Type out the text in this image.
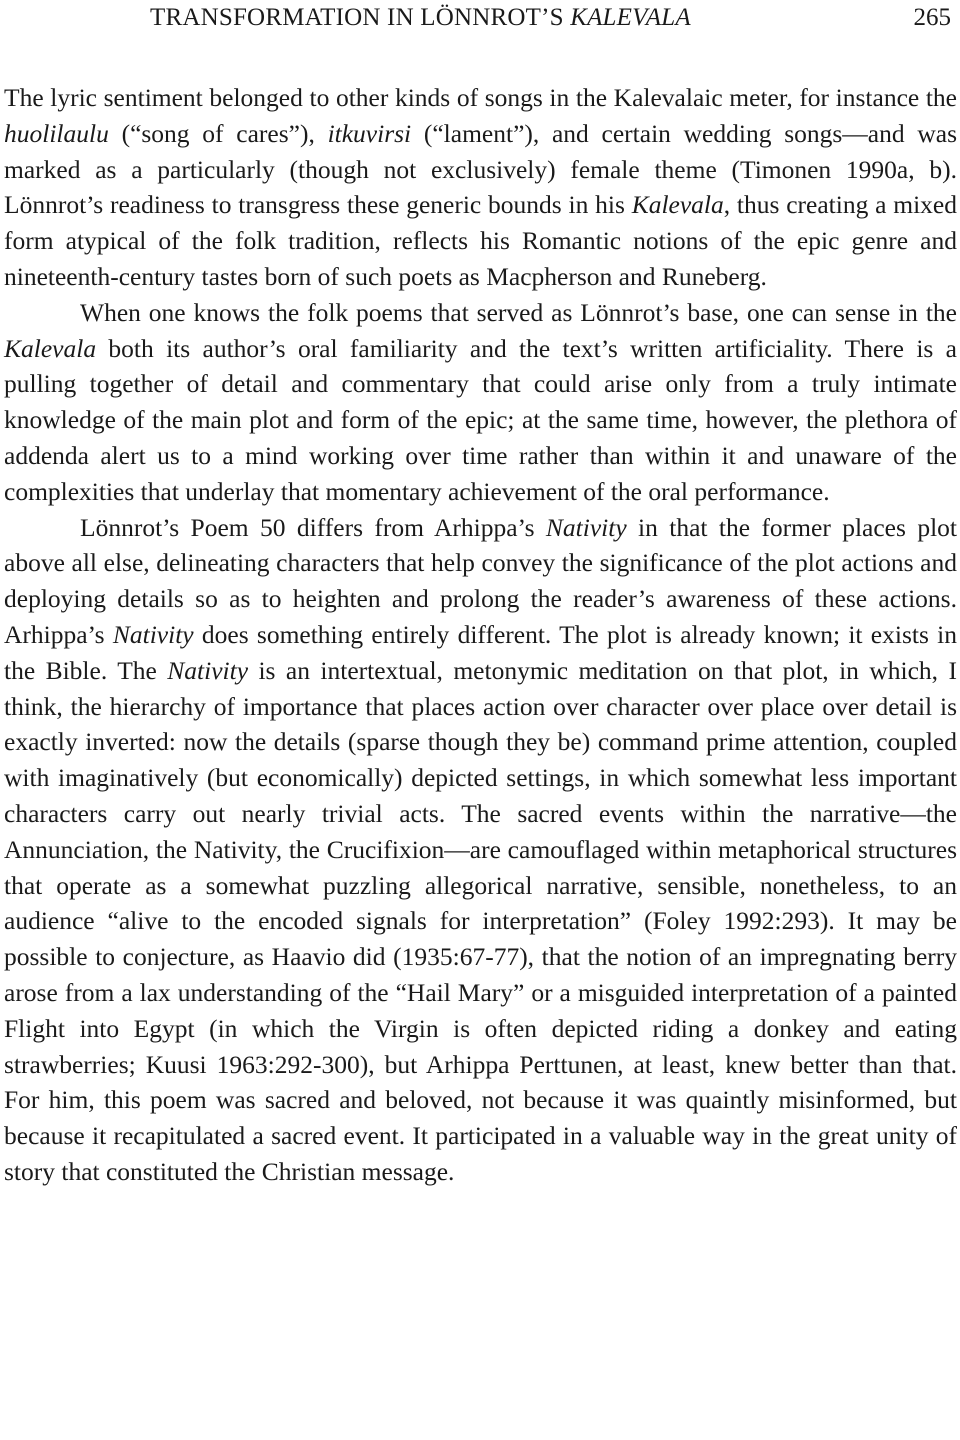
TRANSFORMATION IN LÖNNROT’S KALEVALA	265

The lyric sentiment belonged to other kinds of songs in the Kalevalaic meter, for instance the huolilaulu (“song of cares”), itkuvirsi (“lament”), and certain wedding songs—and was marked as a particularly (though not exclusively) female theme (Timonen 1990a, b). Lönnrot’s readiness to transgress these generic bounds in his Kalevala, thus creating a mixed form atypical of the folk tradition, reflects his Romantic notions of the epic genre and nineteenth-century tastes born of such poets as Macpherson and Runeberg.

When one knows the folk poems that served as Lönnrot’s base, one can sense in the Kalevala both its author’s oral familiarity and the text’s written artificiality. There is a pulling together of detail and commentary that could arise only from a truly intimate knowledge of the main plot and form of the epic; at the same time, however, the plethora of addenda alert us to a mind working over time rather than within it and unaware of the complexities that underlay that momentary achievement of the oral performance.

Lönnrot’s Poem 50 differs from Arhippa’s Nativity in that the former places plot above all else, delineating characters that help convey the significance of the plot actions and deploying details so as to heighten and prolong the reader’s awareness of these actions. Arhippa’s Nativity does something entirely different. The plot is already known; it exists in the Bible. The Nativity is an intertextual, metonymic meditation on that plot, in which, I think, the hierarchy of importance that places action over character over place over detail is exactly inverted: now the details (sparse though they be) command prime attention, coupled with imaginatively (but economically) depicted settings, in which somewhat less important characters carry out nearly trivial acts. The sacred events within the narrative—the Annunciation, the Nativity, the Crucifixion—are camouflaged within metaphorical structures that operate as a somewhat puzzling allegorical narrative, sensible, nonetheless, to an audience “alive to the encoded signals for interpretation” (Foley 1992:293). It may be possible to conjecture, as Haavio did (1935:67-77), that the notion of an impregnating berry arose from a lax understanding of the “Hail Mary” or a misguided interpretation of a painted Flight into Egypt (in which the Virgin is often depicted riding a donkey and eating strawberries; Kuusi 1963:292-300), but Arhippa Perttunen, at least, knew better than that. For him, this poem was sacred and beloved, not because it was quaintly misinformed, but because it recapitulated a sacred event. It participated in a valuable way in the great unity of story that constituted the Christian message.
